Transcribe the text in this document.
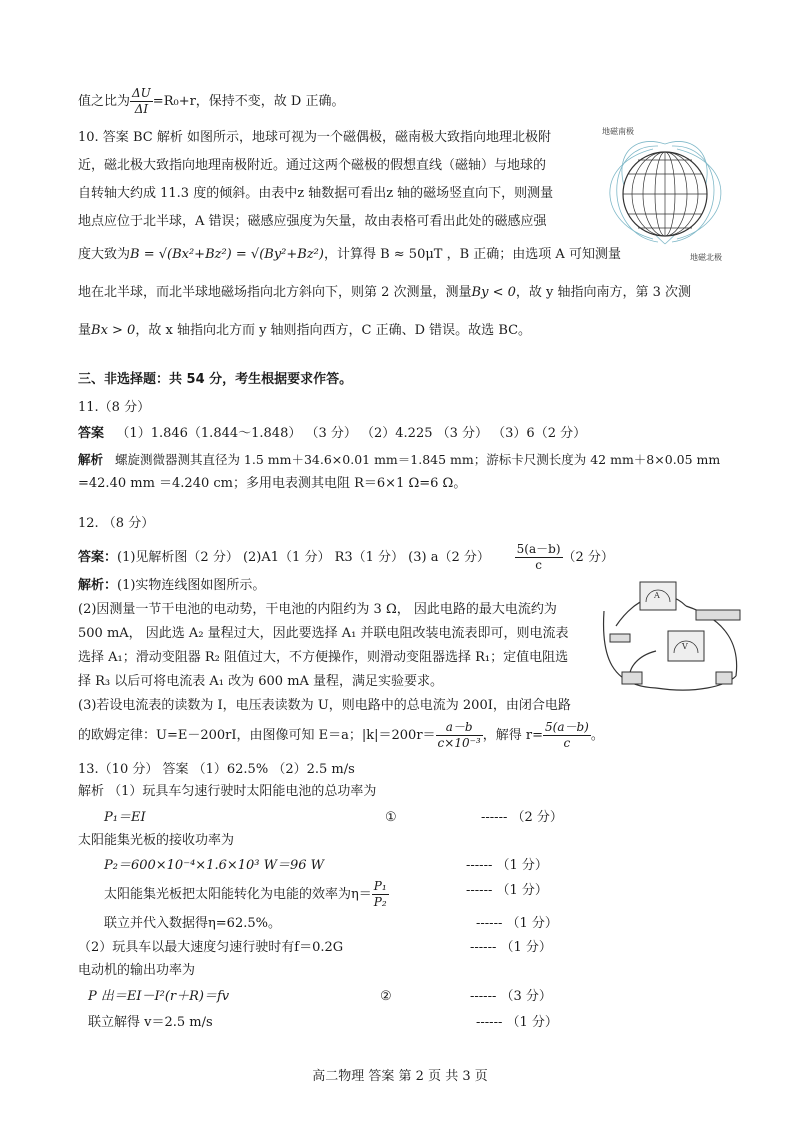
值之比为 $\frac{\Delta U}{\Delta I} =R_0+r$，保持不变，故 D 正确。
10. 答案 BC 解析 如图所示，地球可视为一个磁偶极，磁南极大致指向地理北极附
近，磁北极大致指向地理南极附近。通过这两个磁极的假想直线（磁轴）与地球的
自转轴大约成 11.3 度的倾斜。由表中z 轴数据可看出z 轴的磁场竖直向下，则测量
地点应位于北半球，A 错误；磁感应强度为矢量，故由表格可看出此处的磁感应强
度大致为B = √(Bx²+Bz²) = √(By²+Bz²)，计算得 B ≈ 50μT ，B 正确；由选项 A 可知测量
地在北半球，而北半球地磁场指向北方斜向下，则第 2 次测量，测量By < 0，故 y 轴指向南方，第 3 次测
量Bx > 0，故 x 轴指向北方而 y 轴则指向西方，C 正确、D 错误。故选 BC。
地磁南极
地磁北极
三、非选择题：共 54 分，考生根据要求作答。
11.（8 分）
答案 （1）1.846（1.844～1.848） （3 分） （2）4.225 （3 分） （3）6（2 分）
解析 螺旋测微器测其直径为 1.5 mm＋34.6×0.01 mm＝1.845 mm；游标卡尺测长度为 42 mm＋8×0.05 mm
=42.40 mm ＝4.240 cm；多用电表测其电阻 R＝6×1 Ω=6 Ω。
12. （8 分）
答案：(1)见解析图（2 分） (2)A1（1 分） R3（1 分） (3) a（2 分） $\frac{5(a-b)}{c} (2$ 分）
解析：(1)实物连线图如图所示。
(2)因测量一节干电池的电动势，干电池的内阻约为 3 Ω， 因此电路的最大电流约为
500 mA， 因此选 A₂ 量程过大，因此要选择 A₁ 并联电阻改装电流表即可，则电流表
选择 A₁；滑动变阻器 R₂ 阻值过大，不方便操作，则滑动变阻器选择 R₁；定值电阻选
择 R₃ 以后可将电流表 A₁ 改为 600 mA 量程，满足实验要求。
(3)若设电流表的读数为 I，电压表读数为 U，则电路中的总电流为 200I，由闭合电路
的欧姆定律：U=E－200rI，由图像可知 E＝a；$|k|=200r= \frac{a-b}{\text{c×10⁻³}}$ ，解得 $r= \frac{5(a-b)}{c}$ 。
A
V
13.（10 分） 答案 （1）62.5% （2）2.5 m/s
解析 （1）玩具车匀速行驶时太阳能电池的总功率为
P₁＝EI	①	------ （2 分）
太阳能集光板的接收功率为
P₂＝600×10⁻⁴×1.6×10³ W＝96 W	------ （1 分）
太阳能集光板把太阳能转化为电能的效率为$\eta= \frac{\text{P₁}}{\text{P₂}}$	------ （1 分）
联立并代入数据得η=62.5%。	------ （1 分）
（2）玩具车以最大速度匀速行驶时有f＝0.2G	------ （1 分）
电动机的输出功率为
P 出＝EI－I²(r＋R)＝fv	②	------ （3 分）
联立解得 v＝2.5 m/s	------ （1 分）
高二物理 答案 第 2 页 共 3 页
